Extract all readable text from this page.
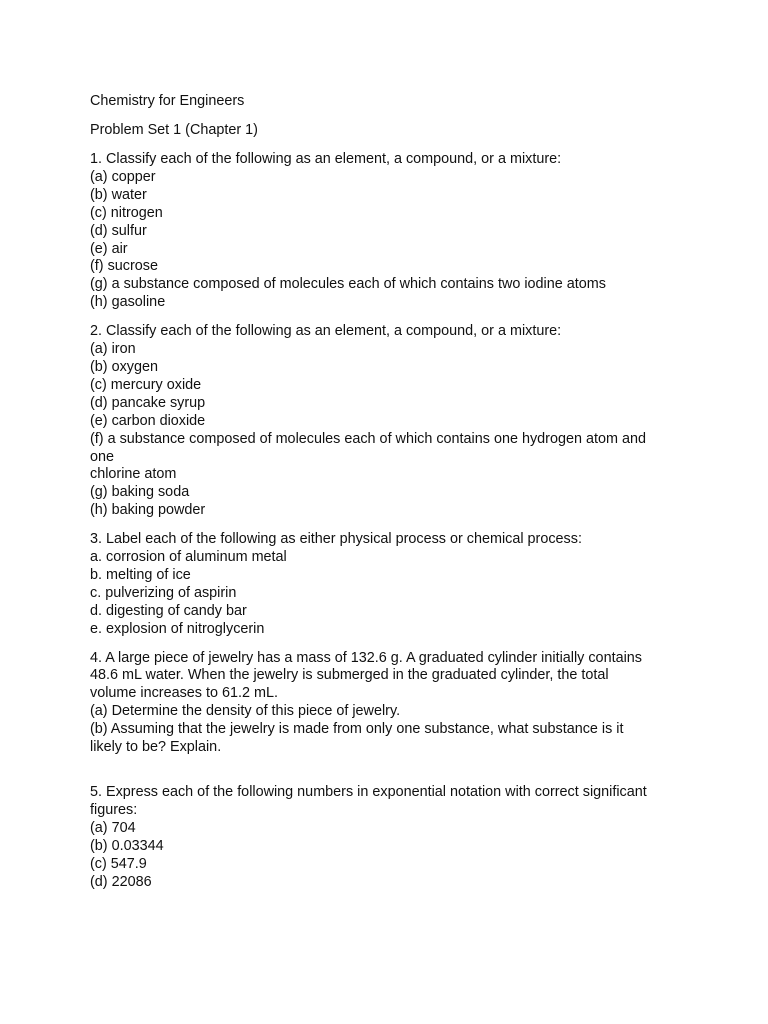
Chemistry for Engineers

Problem Set 1 (Chapter 1)

1. Classify each of the following as an element, a compound, or a mixture:

(a) copper

(b) water

(c) nitrogen

(d) sulfur

(e) air

(f) sucrose

(g) a substance composed of molecules each of which contains two iodine atoms

(h) gasoline

2. Classify each of the following as an element, a compound, or a mixture:

(a) iron

(b) oxygen

(c) mercury oxide

(d) pancake syrup

(e) carbon dioxide

(f) a substance composed of molecules each of which contains one hydrogen atom and

one

chlorine atom

(g) baking soda

(h) baking powder

3. Label each of the following as either physical process or chemical process:

a. corrosion of aluminum metal

b. melting of ice

c. pulverizing of aspirin

d. digesting of candy bar

e. explosion of nitroglycerin

4. A large piece of jewelry has a mass of 132.6 g. A graduated cylinder initially contains

48.6 mL water. When the jewelry is submerged in the graduated cylinder, the total

volume increases to 61.2 mL.

(a) Determine the density of this piece of jewelry.

(b) Assuming that the jewelry is made from only one substance, what substance is it

likely to be? Explain.

5. Express each of the following numbers in exponential notation with correct significant

figures:

(a) 704

(b) 0.03344

(c) 547.9

(d) 22086
